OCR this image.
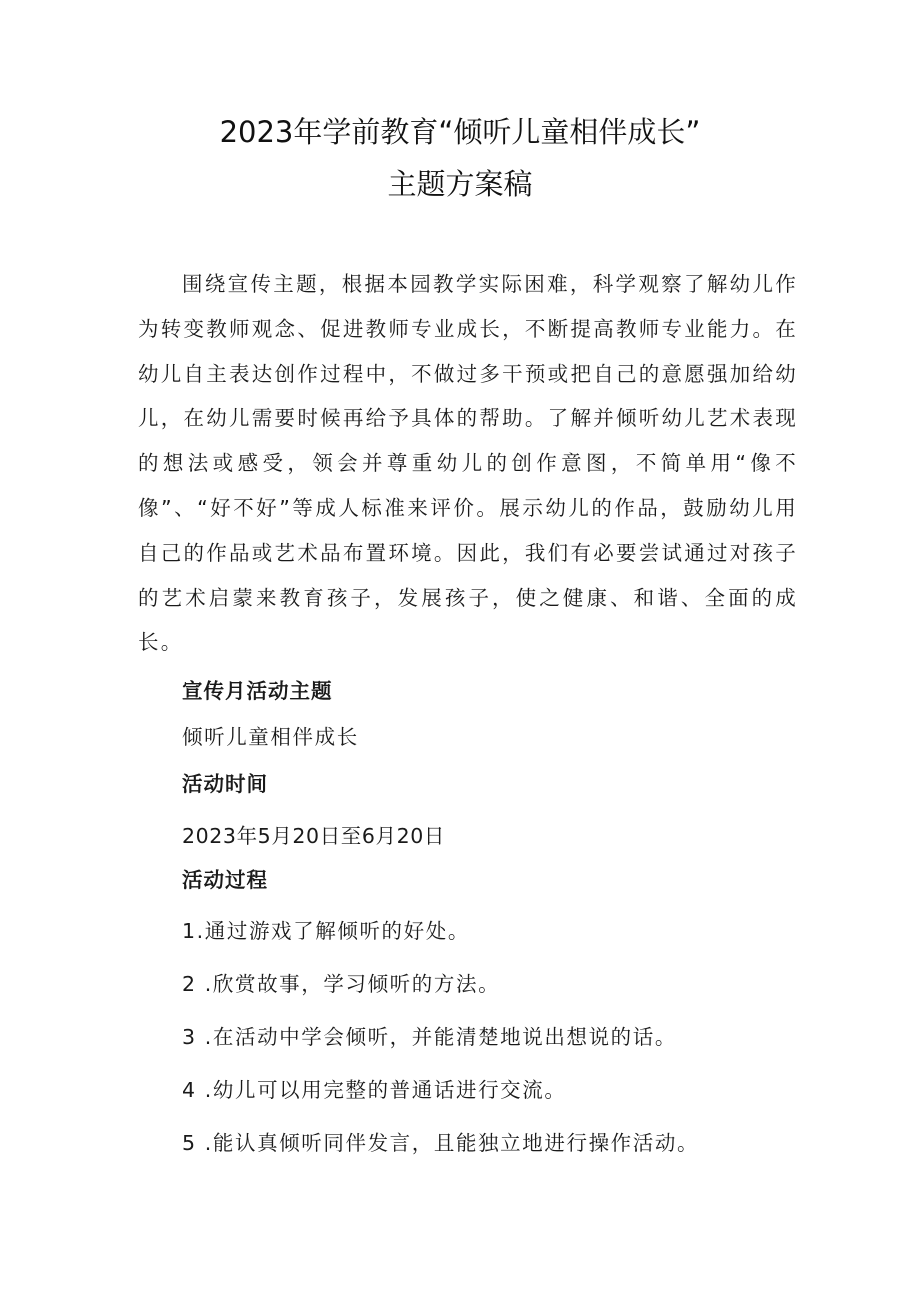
2023年学前教育“倾听儿童相伴成长”
主题方案稿

围绕宣传主题，根据本园教学实际困难，科学观察了解幼儿作为转变教师观念、促进教师专业成长，不断提高教师专业能力。在幼儿自主表达创作过程中，不做过多干预或把自己的意愿强加给幼儿，在幼儿需要时候再给予具体的帮助。了解并倾听幼儿艺术表现的想法或感受，领会并尊重幼儿的创作意图，不简单用“像不像”、“好不好”等成人标准来评价。展示幼儿的作品，鼓励幼儿用自己的作品或艺术品布置环境。因此，我们有必要尝试通过对孩子的艺术启蒙来教育孩子，发展孩子，使之健康、和谐、全面的成长。

宣传月活动主题

倾听儿童相伴成长

活动时间

2023年5月20日至6月20日

活动过程

1.通过游戏了解倾听的好处。

2 .欣赏故事，学习倾听的方法。

3 .在活动中学会倾听，并能清楚地说出想说的话。

4 .幼儿可以用完整的普通话进行交流。

5 .能认真倾听同伴发言，且能独立地进行操作活动。
